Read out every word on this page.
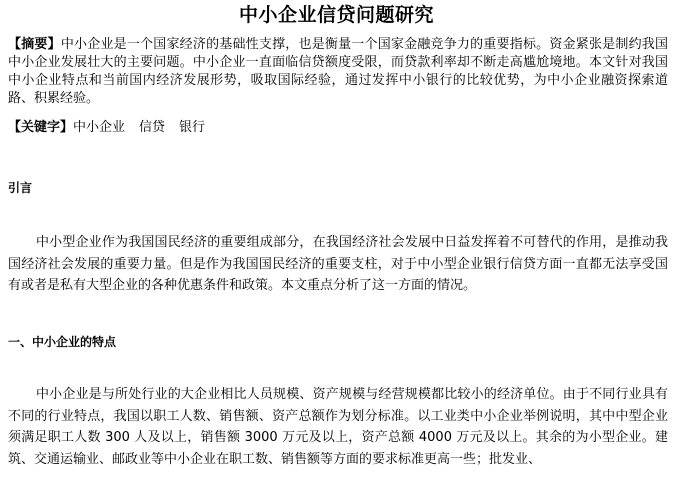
中小企业信贷问题研究
【摘要】中小企业是一个国家经济的基础性支撑，也是衡量一个国家金融竞争力的重要指标。资金紧张是制约我国中小企业发展壮大的主要问题。中小企业一直面临信贷额度受限，而贷款利率却不断走高尴尬境地。本文针对我国中小企业特点和当前国内经济发展形势，吸取国际经验，通过发挥中小银行的比较优势，为中小企业融资探索道路、积累经验。
【关键字】中小企业 信贷 银行
引言
中小型企业作为我国国民经济的重要组成部分，在我国经济社会发展中日益发挥着不可替代的作用，是推动我国经济社会发展的重要力量。但是作为我国国民经济的重要支柱，对于中小型企业银行信贷方面一直都无法享受国有或者是私有大型企业的各种优惠条件和政策。本文重点分析了这一方面的情况。
一、中小企业的特点
中小企业是与所处行业的大企业相比人员规模、资产规模与经营规模都比较小的经济单位。由于不同行业具有不同的行业特点，我国以职工人数、销售额、资产总额作为划分标准。以工业类中小企业举例说明，其中中型企业须满足职工人数 300 人及以上，销售额 3000 万元及以上，资产总额 4000 万元及以上。其余的为小型企业。建筑、交通运输业、邮政业等中小企业在职工数、销售额等方面的要求标准更高一些；批发业、
